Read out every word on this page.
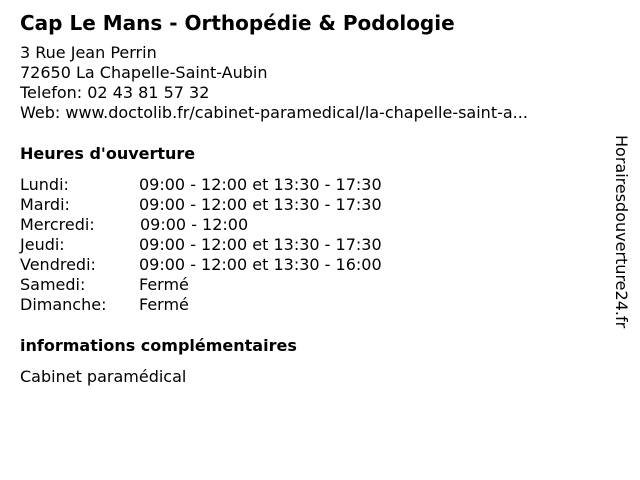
Cap Le Mans - Orthopédie & Podologie
3 Rue Jean Perrin
72650 La Chapelle-Saint-Aubin
Telefon: 02 43 81 57 32
Web: www.doctolib.fr/cabinet-paramedical/la-chapelle-saint-a...
Heures d'ouverture
Lundi:	09:00 - 12:00 et 13:30 - 17:30
Mardi:	09:00 - 12:00 et 13:30 - 17:30
Mercredi:	09:00 - 12:00
Jeudi:	09:00 - 12:00 et 13:30 - 17:30
Vendredi:	09:00 - 12:00 et 13:30 - 16:00
Samedi:	Fermé
Dimanche: Fermé
informations complémentaires
Cabinet paramédical
Horairesdouverture24.fr
